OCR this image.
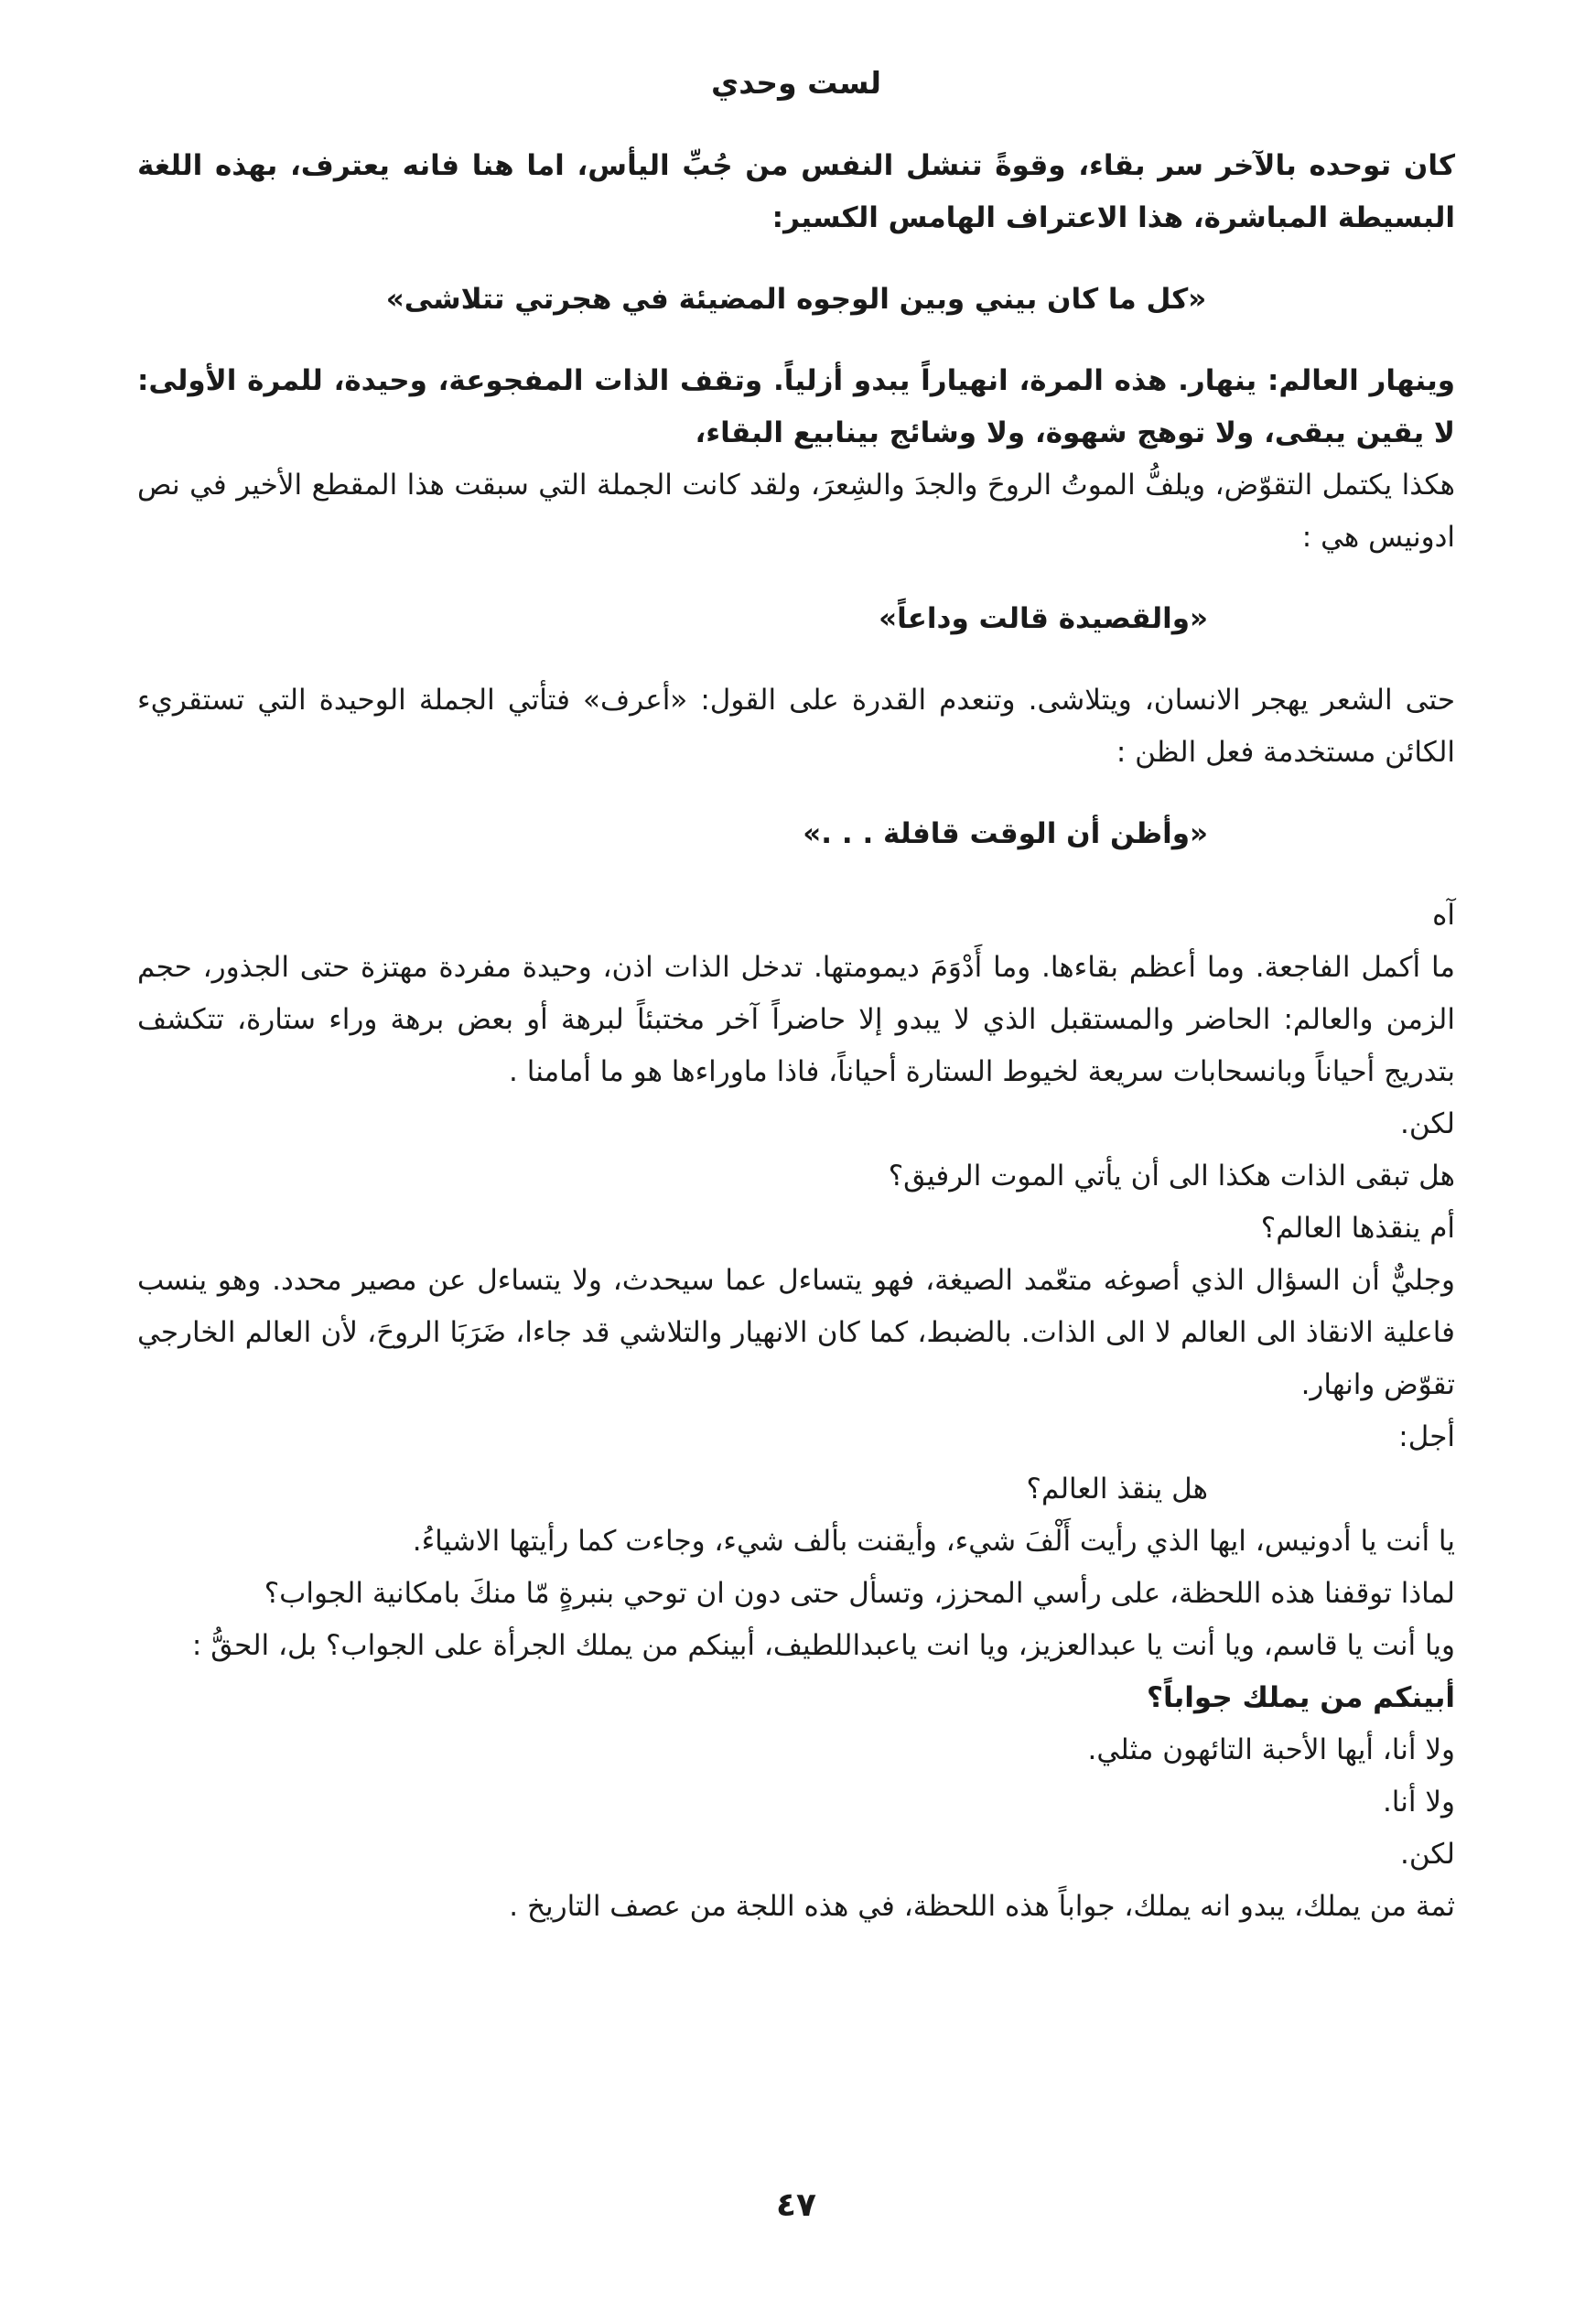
لست وحدي

كان توحده بالآخر سر بقاء، وقوةً تنشل النفس من جُبِّ اليأس، اما هنا فانه يعترف، بهذه اللغة البسيطة المباشرة، هذا الاعتراف الهامس الكسير:

«كل ما كان بيني وبين الوجوه المضيئة في هجرتي تتلاشى»

وينهار العالم: ينهار. هذه المرة، انهياراً يبدو أزلياً. وتقف الذات المفجوعة، وحيدة، للمرة الأولى: لا يقين يبقى، ولا توهج شهوة، ولا وشائج بينابيع البقاء،

هكذا يكتمل التقوّض، ويلفُّ الموتُ الروحَ والجدَ والشِعرَ، ولقد كانت الجملة التي سبقت هذا المقطع الأخير في نص ادونيس هي :

«والقصيدة قالت وداعاً»

حتى الشعر يهجر الانسان، ويتلاشى. وتنعدم القدرة على القول: «أعرف» فتأتي الجملة الوحيدة التي تستقريء الكائن مستخدمة فعل الظن :

«وأظن أن الوقت قافلة . . .»

آه

ما أكمل الفاجعة. وما أعظم بقاءها. وما أَدْوَمَ ديمومتها. تدخل الذات اذن، وحيدة مفردة مهتزة حتى الجذور، حجم الزمن والعالم: الحاضر والمستقبل الذي لا يبدو إلا حاضراً آخر مختبئاً لبرهة أو بعض برهة وراء ستارة، تتكشف بتدريج أحياناً وبانسحابات سريعة لخيوط الستارة أحياناً، فاذا ماوراءها هو ما أمامنا .

لكن.

هل تبقى الذات هكذا الى أن يأتي الموت الرفيق؟

أم ينقذها العالم؟

وجليٌّ أن السؤال الذي أصوغه متعّمد الصيغة، فهو يتساءل عما سيحدث، ولا يتساءل عن مصير محدد. وهو ينسب فاعلية الانقاذ الى العالم لا الى الذات. بالضبط، كما كان الانهيار والتلاشي قد جاءا، ضَرَبَا الروحَ، لأن العالم الخارجي تقوّض وانهار.

أجل:

هل ينقذ العالم؟

يا أنت يا أدونيس، ايها الذي رأيت أَلْفَ شيء، وأيقنت بألف شيء، وجاءت كما رأيتها الاشياءُ.

لماذا توقفنا هذه اللحظة، على رأسي المحزز، وتسأل حتى دون ان توحي بنبرةٍ مّا منكَ بامكانية الجواب؟

ويا أنت يا قاسم، ويا أنت يا عبدالعزيز، ويا انت ياعبداللطيف، أبينكم من يملك الجرأة على الجواب؟ بل، الحقُّ :

أبينكم من يملك جواباً؟

ولا أنا، أيها الأحبة التائهون مثلي.

ولا أنا.

لكن.

ثمة من يملك، يبدو انه يملك، جواباً هذه اللحظة، في هذه اللجة من عصف التاريخ .

٤٧
